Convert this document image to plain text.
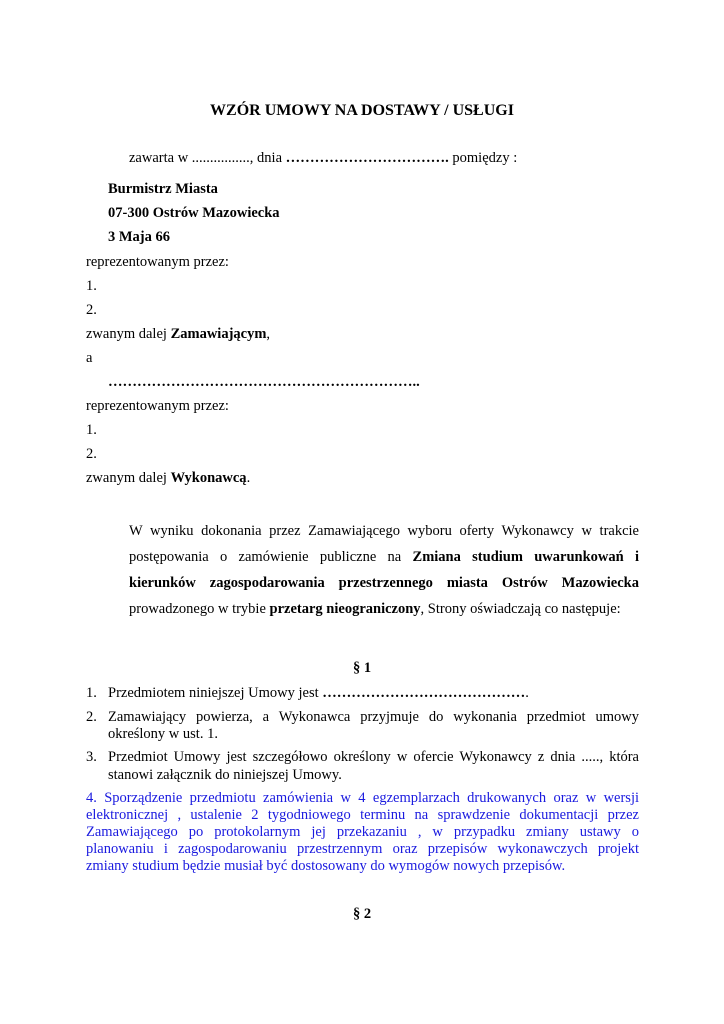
WZÓR UMOWY NA DOSTAWY / USŁUGI
zawarta w ................, dnia ……………………………. pomiędzy :
Burmistrz Miasta
07-300 Ostrów Mazowiecka
3 Maja 66
reprezentowanym przez:
1.
2.
zwanym dalej Zamawiającym,
a
………………………………………………………..
reprezentowanym przez:
1.
2.
zwanym dalej Wykonawcą.
W wyniku dokonania przez Zamawiającego wyboru oferty Wykonawcy w trakcie
postępowania o zamówienie publiczne na Zmiana studium uwarunkowań i
kierunków zagospodarowania przestrzennego miasta Ostrów Mazowiecka
prowadzonego w trybie przetarg nieograniczony, Strony oświadczają co następuje:
§ 1
1. Przedmiotem niniejszej Umowy jest …………………………………….
2. Zamawiający powierza, a Wykonawca przyjmuje do wykonania przedmiot umowy
określony w ust. 1.
3. Przedmiot Umowy jest szczegółowo określony w ofercie Wykonawcy z dnia ....., która
stanowi załącznik do niniejszej Umowy.
4. Sporządzenie przedmiotu zamówienia w 4 egzemplarzach drukowanych oraz w wersji
elektronicznej , ustalenie 2 tygodniowego terminu na sprawdzenie dokumentacji przez
Zamawiającego po protokolarnym jej przekazaniu , w przypadku zmiany ustawy o
planowaniu i zagospodarowaniu przestrzennym oraz przepisów wykonawczych projekt
zmiany studium będzie musiał być dostosowany do wymogów nowych przepisów.
§ 2
